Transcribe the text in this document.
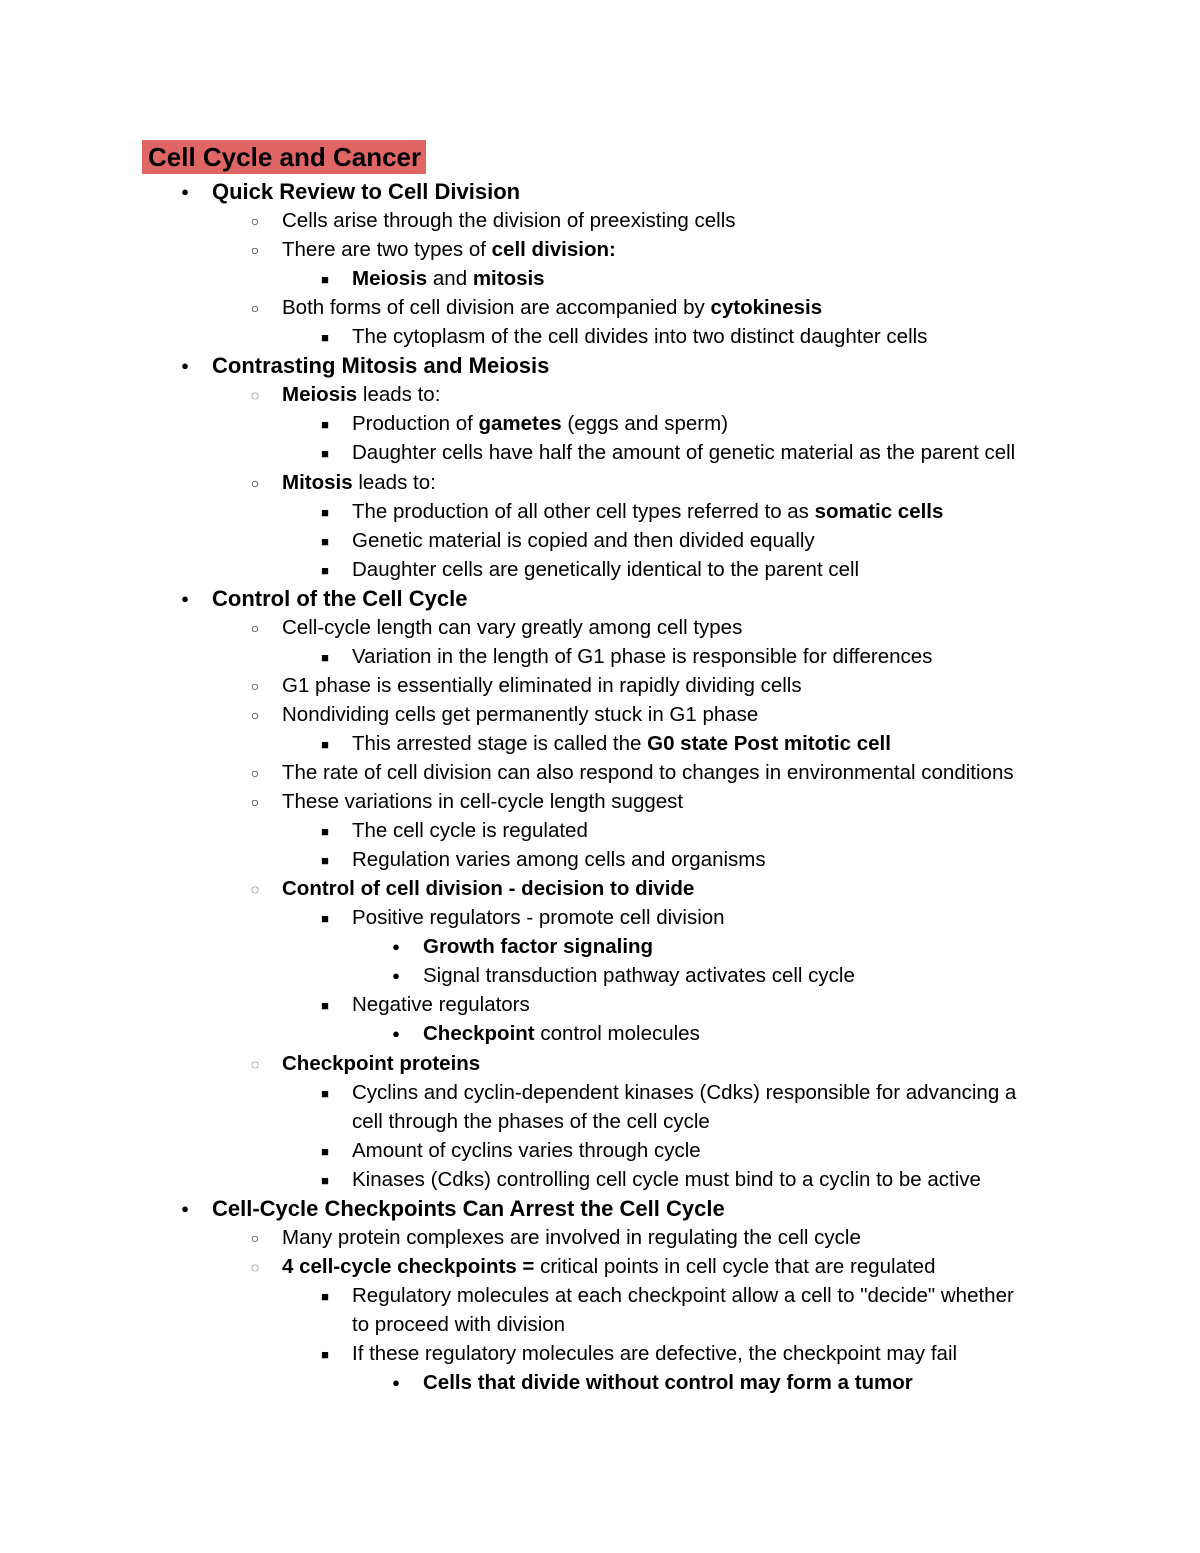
Cell Cycle and Cancer
●
Quick Review to Cell Division
○
Cells arise through the division of preexisting cells
○
There are two types of cell division:
■
Meiosis and mitosis
○
Both forms of cell division are accompanied by cytokinesis
■
The cytoplasm of the cell divides into two distinct daughter cells
●
Contrasting Mitosis and Meiosis
◌
Meiosis leads to:
■
Production of gametes (eggs and sperm)
■
Daughter cells have half the amount of genetic material as the parent cell
○
Mitosis leads to:
■
The production of all other cell types referred to as somatic cells
■
Genetic material is copied and then divided equally
■
Daughter cells are genetically identical to the parent cell
●
Control of the Cell Cycle
○
Cell-cycle length can vary greatly among cell types
■
Variation in the length of G1 phase is responsible for differences
○
G1 phase is essentially eliminated in rapidly dividing cells
○
Nondividing cells get permanently stuck in G1 phase
■
This arrested stage is called the G0 state Post mitotic cell
○
The rate of cell division can also respond to changes in environmental conditions
○
These variations in cell-cycle length suggest
■
The cell cycle is regulated
■
Regulation varies among cells and organisms
◌
Control of cell division - decision to divide
■
Positive regulators - promote cell division
●
Growth factor signaling
●
Signal transduction pathway activates cell cycle
■
Negative regulators
●
Checkpoint control molecules
◌
Checkpoint proteins
■
Cyclins and cyclin-dependent kinases (Cdks) responsible for advancing a
cell through the phases of the cell cycle
■
Amount of cyclins varies through cycle
■
Kinases (Cdks) controlling cell cycle must bind to a cyclin to be active
●
Cell-Cycle Checkpoints Can Arrest the Cell Cycle
○
Many protein complexes are involved in regulating the cell cycle
◌
4 cell-cycle checkpoints = critical points in cell cycle that are regulated
■
Regulatory molecules at each checkpoint allow a cell to "decide" whether
to proceed with division
■
If these regulatory molecules are defective, the checkpoint may fail
●
Cells that divide without control may form a tumor
